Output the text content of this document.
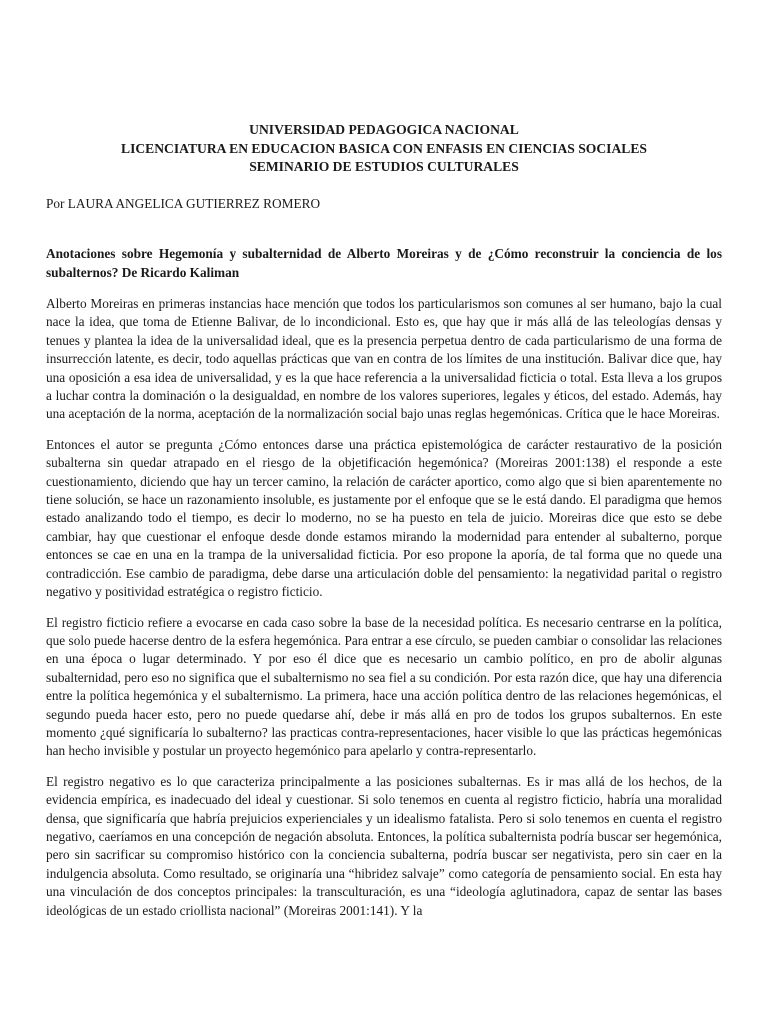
UNIVERSIDAD PEDAGOGICA NACIONAL
LICENCIATURA EN EDUCACION BASICA CON ENFASIS EN CIENCIAS SOCIALES
SEMINARIO DE ESTUDIOS CULTURALES
Por LAURA ANGELICA GUTIERREZ ROMERO
Anotaciones sobre Hegemonía y subalternidad de Alberto Moreiras y de ¿Cómo reconstruir la conciencia de los subalternos? De Ricardo Kaliman

Alberto Moreiras en primeras instancias hace mención que todos los particularismos son comunes al ser humano, bajo la cual nace la idea, que toma de Etienne Balivar, de lo incondicional. Esto es, que hay que ir más allá de las teleologías densas y tenues y plantea la idea de la universalidad ideal, que es la presencia perpetua dentro de cada particularismo de una forma de insurrección latente, es decir, todo aquellas prácticas que van en contra de los límites de una institución. Balivar dice que, hay una oposición a esa idea de universalidad, y es la que hace referencia a la universalidad ficticia o total. Esta lleva a los grupos a luchar contra la dominación o la desigualdad, en nombre de los valores superiores, legales y éticos, del estado. Además, hay una aceptación de la norma, aceptación de la normalización social bajo unas reglas hegemónicas. Crítica que le hace Moreiras.

Entonces el autor se pregunta ¿Cómo entonces darse una práctica epistemológica de carácter restaurativo de la posición subalterna sin quedar atrapado en el riesgo de la objetificación hegemónica? (Moreiras 2001:138) el responde a este cuestionamiento, diciendo que hay un tercer camino, la relación de carácter aportico, como algo que si bien aparentemente no tiene solución, se hace un razonamiento insoluble, es justamente por el enfoque que se le está dando. El paradigma que hemos estado analizando todo el tiempo, es decir lo moderno, no se ha puesto en tela de juicio. Moreiras dice que esto se debe cambiar, hay que cuestionar el enfoque desde donde estamos mirando la modernidad para entender al subalterno, porque entonces se cae en una en la trampa de la universalidad ficticia. Por eso propone la aporía, de tal forma que no quede una contradicción. Ese cambio de paradigma, debe darse una articulación doble del pensamiento: la negatividad parital o registro negativo y positividad estratégica o registro ficticio.

El registro ficticio refiere a evocarse en cada caso sobre la base de la necesidad política. Es necesario centrarse en la política, que solo puede hacerse dentro de la esfera hegemónica. Para entrar a ese círculo, se pueden cambiar o consolidar las relaciones en una época o lugar determinado. Y por eso él dice que es necesario un cambio político, en pro de abolir algunas subalternidad, pero eso no significa que el subalternismo no sea fiel a su condición. Por esta razón dice, que hay una diferencia entre la política hegemónica y el subalternismo. La primera, hace una acción política dentro de las relaciones hegemónicas, el segundo pueda hacer esto, pero no puede quedarse ahí, debe ir más allá en pro de todos los grupos subalternos. En este momento ¿qué significaría lo subalterno? las practicas contra-representaciones, hacer visible lo que las prácticas hegemónicas han hecho invisible y postular un proyecto hegemónico para apelarlo y contra-representarlo.

El registro negativo es lo que caracteriza principalmente a las posiciones subalternas. Es ir mas allá de los hechos, de la evidencia empírica, es inadecuado del ideal y cuestionar. Si solo tenemos en cuenta al registro ficticio, habría una moralidad densa, que significaría que habría prejuicios experienciales y un idealismo fatalista. Pero si solo tenemos en cuenta el registro negativo, caeríamos en una concepción de negación absoluta. Entonces, la política subalternista podría buscar ser hegemónica, pero sin sacrificar su compromiso histórico con la conciencia subalterna, podría buscar ser negativista, pero sin caer en la indulgencia absoluta. Como resultado, se originaría una “hibridez salvaje” como categoría de pensamiento social. En esta hay una vinculación de dos conceptos principales: la transculturación, es una “ideología aglutinadora, capaz de sentar las bases ideológicas de un estado criollista nacional” (Moreiras 2001:141). Y la
